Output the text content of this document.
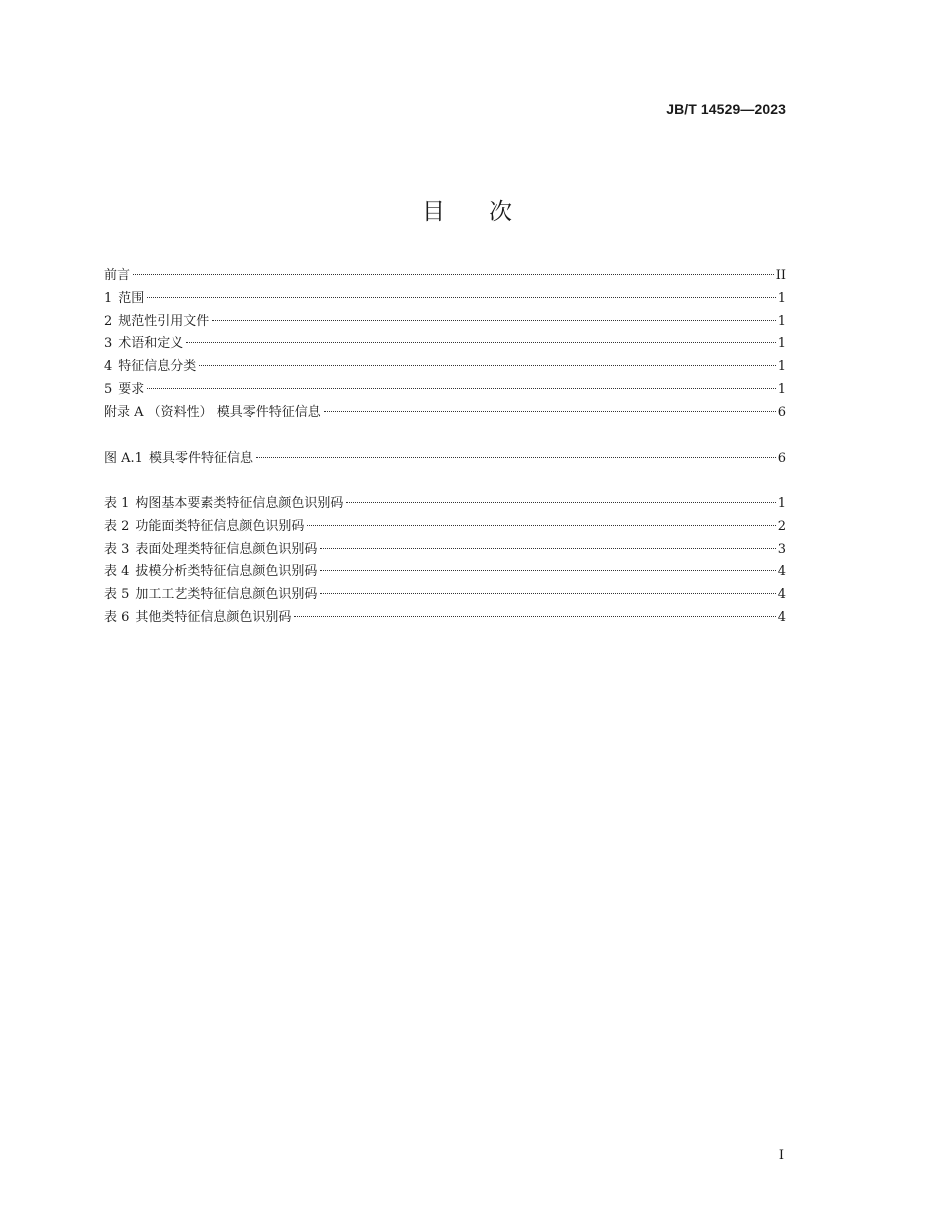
JB/T 14529—2023
目次
前言	II
1 范围	1
2 规范性引用文件	1
3 术语和定义	1
4 特征信息分类	1
5 要求	1
附录 A （资料性） 模具零件特征信息	6
图 A.1 模具零件特征信息	6
表 1 构图基本要素类特征信息颜色识别码	1
表 2 功能面类特征信息颜色识别码	2
表 3 表面处理类特征信息颜色识别码	3
表 4 拔模分析类特征信息颜色识别码	4
表 5 加工工艺类特征信息颜色识别码	4
表 6 其他类特征信息颜色识别码	4
I
